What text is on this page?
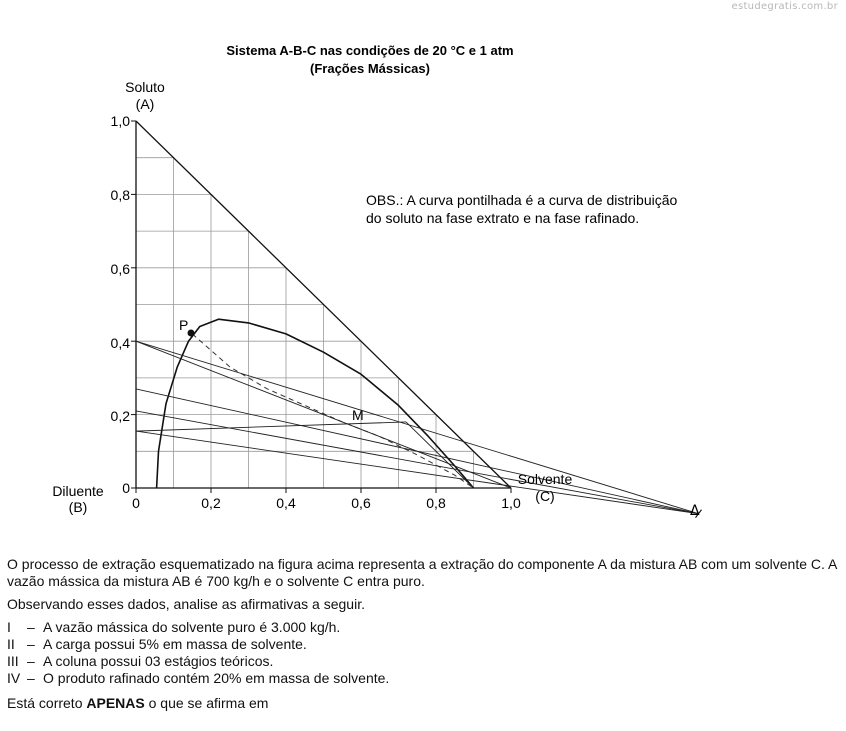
estudegratis.com.br
Sistema A-B-C nas condições de 20 °C e 1 atm
(Frações Mássicas)
Soluto
(A)
Diluente
(B)
Solvente
(C)
1,0
0,8
0,6
0,4
0,2
0
0	0,2	0,4	0,6	0,8	1,0
OBS.: A curva pontilhada é a curva de distribuição
do soluto na fase extrato e na fase rafinado.
P
M
Δ

O processo de extração esquematizado na figura acima representa a extração do componente A da mistura AB com um solvente C. A vazão mássica da mistura AB é 700 kg/h e o solvente C entra puro.

Observando esses dados, analise as afirmativas a seguir.

I	– A vazão mássica do solvente puro é 3.000 kg/h.
II – A carga possui 5% em massa de solvente.
III – A coluna possui 03 estágios teóricos.
IV – O produto rafinado contém 20% em massa de solvente.

Está correto APENAS o que se afirma em
